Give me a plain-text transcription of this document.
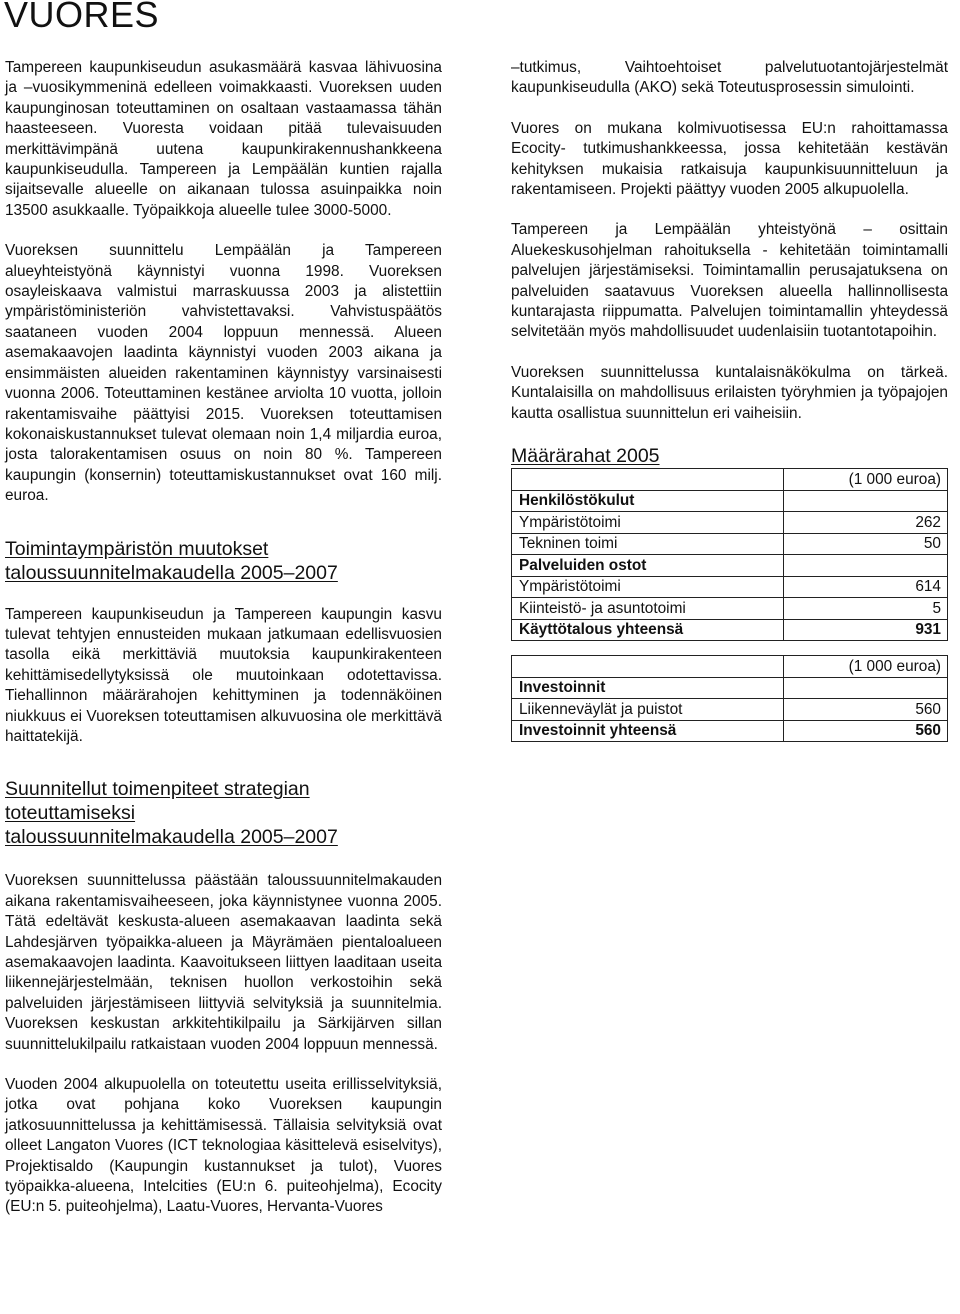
VUORES

Tampereen kaupunkiseudun asukasmäärä kasvaa lähivuosina ja –vuosikymmeninä edelleen voimakkaasti. Vuoreksen uuden kaupunginosan toteuttaminen on osaltaan vastaamassa tähän haasteeseen. Vuoresta voidaan pitää tulevaisuuden merkittävimpänä uutena kaupunkirakennushankkeena kaupunkiseudulla. Tampereen ja Lempäälän kuntien rajalla sijaitsevalle alueelle on aikanaan tulossa asuinpaikka noin 13500 asukkaalle. Työpaikkoja alueelle tulee 3000-5000.

Vuoreksen suunnittelu Lempäälän ja Tampereen alueyhteistyönä käynnistyi vuonna 1998. Vuoreksen osayleiskaava valmistui marraskuussa 2003 ja alistettiin ympäristöministeriön vahvistettavaksi. Vahvistuspäätös saataneen vuoden 2004 loppuun mennessä. Alueen asemakaavojen laadinta käynnistyi vuoden 2003 aikana ja ensimmäisten alueiden rakentaminen käynnistyy varsinaisesti vuonna 2006. Toteuttaminen kestänee arviolta 10 vuotta, jolloin rakentamisvaihe päättyisi 2015. Vuoreksen toteuttamisen kokonaiskustannukset tulevat olemaan noin 1,4 miljardia euroa, josta talorakentamisen osuus on noin 80 %. Tampereen kaupungin (konsernin) toteuttamiskustannukset ovat 160 milj. euroa.

Toimintaympäristön muutokset
taloussuunnitelmakaudella 2005–2007

Tampereen kaupunkiseudun ja Tampereen kaupungin kasvu tulevat tehtyjen ennusteiden mukaan jatkumaan edellisvuosien tasolla eikä merkittäviä muutoksia kaupunkirakenteen kehittämisedellytyksissä ole muutoinkaan odotettavissa. Tiehallinnon määrärahojen kehittyminen ja todennäköinen niukkuus ei Vuoreksen toteuttamisen alkuvuosina ole merkittävä haittatekijä.

Suunnitellut toimenpiteet strategian
toteuttamiseksi
taloussuunnitelmakaudella 2005–2007

Vuoreksen suunnittelussa päästään taloussuunnitelmakauden aikana rakentamisvaiheeseen, joka käynnistynee vuonna 2005. Tätä edeltävät keskusta-alueen asemakaavan laadinta sekä Lahdesjärven työpaikka-alueen ja Mäyrämäen pientaloalueen asemakaavojen laadinta. Kaavoitukseen liittyen laaditaan useita liikennejärjestelmään, teknisen huollon verkostoihin sekä palveluiden järjestämiseen liittyviä selvityksiä ja suunnitelmia. Vuoreksen keskustan arkkitehtikilpailu ja Särkijärven sillan suunnittelukilpailu ratkaistaan vuoden 2004 loppuun mennessä.

Vuoden 2004 alkupuolella on toteutettu useita erillisselvityksiä, jotka ovat pohjana koko Vuoreksen kaupungin jatkosuunnittelussa ja kehittämisessä. Tällaisia selvityksiä ovat olleet Langaton Vuores (ICT teknologiaa käsittelevä esiselvitys), Projektisaldo (Kaupungin kustannukset ja tulot), Vuores työpaikka-alueena, Intelcities (EU:n 6. puiteohjelma), Ecocity (EU:n 5. puiteohjelma), Laatu-Vuores, Hervanta-Vuores

–tutkimus, Vaihtoehtoiset palvelutuotantojärjestelmät kaupunkiseudulla (AKO) sekä Toteutusprosessin simulointi.

Vuores on mukana kolmivuotisessa EU:n rahoittamassa Ecocity- tutkimushankkeessa, jossa kehitetään kestävän kehityksen mukaisia ratkaisuja kaupunkisuunnitteluun ja rakentamiseen. Projekti päättyy vuoden 2005 alkupuolella.

Tampereen ja Lempäälän yhteistyönä – osittain Aluekeskusohjelman rahoituksella - kehitetään toimintamalli palvelujen järjestämiseksi. Toimintamallin perusajatuksena on palveluiden saatavuus Vuoreksen alueella hallinnollisesta kuntarajasta riippumatta. Palvelujen toimintamallin yhteydessä selvitetään myös mahdollisuudet uudenlaisiin tuotantotapoihin.

Vuoreksen suunnittelussa kuntalaisnäkökulma on tärkeä. Kuntalaisilla on mahdollisuus erilaisten työryhmien ja työpajojen kautta osallistua suunnittelun eri vaiheisiin.

Määrärahat 2005
	(1 000 euroa)
Henkilöstökulut	
Ympäristötoimi	262
Tekninen toimi	50
Palveluiden ostot	
Ympäristötoimi	614
Kiinteistö- ja asuntotoimi	5
Käyttötalous yhteensä	931

	(1 000 euroa)
Investoinnit	
Liikenneväylät ja puistot	560
Investoinnit yhteensä	560
